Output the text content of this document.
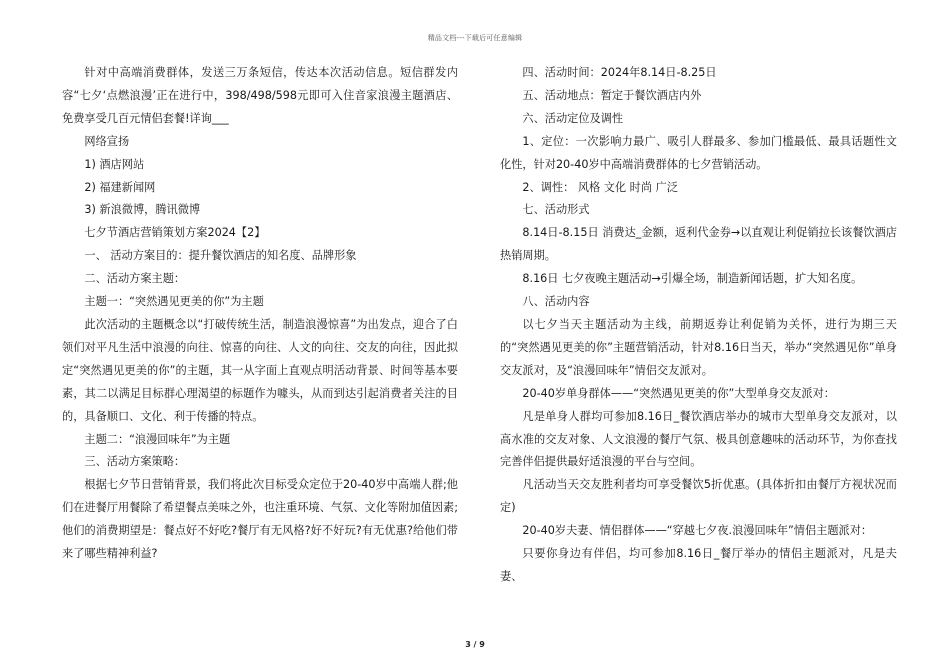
精品文档---下载后可任意编辑

针对中高端消费群体，发送三万条短信，传达本次活动信息。短信群发内容“七夕‘点燃浪漫’正在进行中，398/498/598元即可入住音家浪漫主题酒店、免费享受几百元情侣套餐!详询___

网络宣扬

1) 酒店网站

2) 福建新闻网

3) 新浪微博，腾讯微博

七夕节酒店营销策划方案2024【2】

一、 活动方案目的：提升餐饮酒店的知名度、品牌形象

二、活动方案主题：

主题一：“突然遇见更美的你”为主题

此次活动的主题概念以“打破传统生活，制造浪漫惊喜”为出发点，迎合了白领们对平凡生活中浪漫的向往、惊喜的向往、人文的向往、交友的向往，因此拟定“突然遇见更美的你”的主题，其一从字面上直观点明活动背景、时间等基本要素，其二以满足目标群心理渴望的标题作为噱头，从而到达引起消费者关注的目的，具备顺口、文化、利于传播的特点。

主题二：“浪漫回味年”为主题

三、活动方案策略：

根据七夕节日营销背景，我们将此次目标受众定位于20-40岁中高端人群;他们在进餐厅用餐除了希望餐点美味之外，也注重环境、气氛、文化等附加值因素;他们的消费期望是：餐点好不好吃?餐厅有无风格?好不好玩?有无优惠?给他们带来了哪些精神利益?

四、活动时间：2024年8.14日-8.25日

五、活动地点：暂定于餐饮酒店内外

六、活动定位及调性

1、定位：一次影响力最广、吸引人群最多、参加门槛最低、最具话题性文化性，针对20-40岁中高端消费群体的七夕营销活动。

2、调性： 风格 文化 时尚 广泛

七、活动形式

8.14日-8.15日 消费达_金额，返利代金券→以直观让利促销拉长该餐饮酒店热销周期。

8.16日 七夕夜晚主题活动→引爆全场，制造新闻话题，扩大知名度。

八、活动内容

以七夕当天主题活动为主线，前期返券让利促销为关怀，进行为期三天的“突然遇见更美的你”主题营销活动，针对8.16日当天，举办“突然遇见你”单身交友派对，及“浪漫回味年”情侣交友派对。

20-40岁单身群体——“突然遇见更美的你”大型单身交友派对：

凡是单身人群均可参加8.16日_餐饮酒店举办的城市大型单身交友派对，以高水准的交友对象、人文浪漫的餐厅气氛、极具创意趣味的活动环节，为你查找完善伴侣提供最好适浪漫的平台与空间。

凡活动当天交友胜利者均可享受餐饮5折优惠。(具体折扣由餐厅方视状况而定)

20-40岁夫妻、情侣群体——“穿越七夕夜.浪漫回味年”情侣主题派对：

只要你身边有伴侣，均可参加8.16日_餐厅举办的情侣主题派对，凡是夫妻、

3 / 9
